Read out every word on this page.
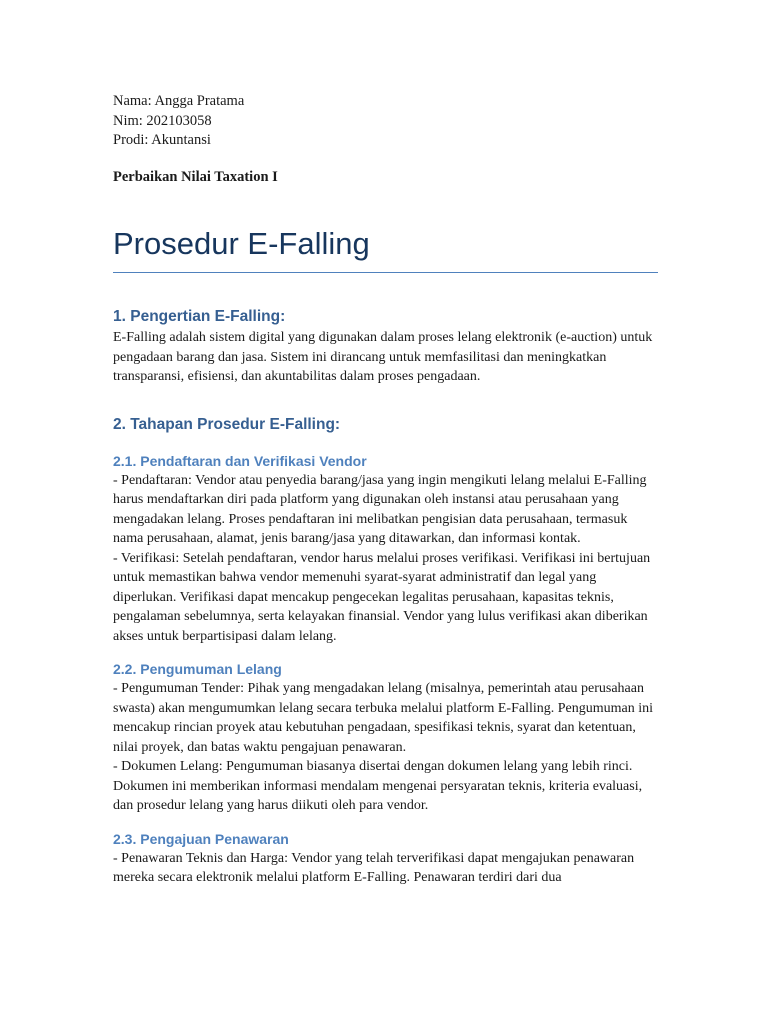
Nama: Angga Pratama

Nim: 202103058

Prodi: Akuntansi

Perbaikan Nilai Taxation I

Prosedur E-Falling
1. Pengertian E-Falling:

E-Falling adalah sistem digital yang digunakan dalam proses lelang elektronik (e-auction) untuk pengadaan barang dan jasa. Sistem ini dirancang untuk memfasilitasi dan meningkatkan transparansi, efisiensi, dan akuntabilitas dalam proses pengadaan.

2. Tahapan Prosedur E-Falling:
2.1. Pendaftaran dan Verifikasi Vendor

- Pendaftaran: Vendor atau penyedia barang/jasa yang ingin mengikuti lelang melalui E-Falling harus mendaftarkan diri pada platform yang digunakan oleh instansi atau perusahaan yang mengadakan lelang. Proses pendaftaran ini melibatkan pengisian data perusahaan, termasuk nama perusahaan, alamat, jenis barang/jasa yang ditawarkan, dan informasi kontak.

- Verifikasi: Setelah pendaftaran, vendor harus melalui proses verifikasi. Verifikasi ini bertujuan untuk memastikan bahwa vendor memenuhi syarat-syarat administratif dan legal yang diperlukan. Verifikasi dapat mencakup pengecekan legalitas perusahaan, kapasitas teknis, pengalaman sebelumnya, serta kelayakan finansial. Vendor yang lulus verifikasi akan diberikan akses untuk berpartisipasi dalam lelang.

2.2. Pengumuman Lelang

- Pengumuman Tender: Pihak yang mengadakan lelang (misalnya, pemerintah atau perusahaan swasta) akan mengumumkan lelang secara terbuka melalui platform E-Falling. Pengumuman ini mencakup rincian proyek atau kebutuhan pengadaan, spesifikasi teknis, syarat dan ketentuan, nilai proyek, dan batas waktu pengajuan penawaran.

- Dokumen Lelang: Pengumuman biasanya disertai dengan dokumen lelang yang lebih rinci. Dokumen ini memberikan informasi mendalam mengenai persyaratan teknis, kriteria evaluasi, dan prosedur lelang yang harus diikuti oleh para vendor.

2.3. Pengajuan Penawaran

- Penawaran Teknis dan Harga: Vendor yang telah terverifikasi dapat mengajukan penawaran mereka secara elektronik melalui platform E-Falling. Penawaran terdiri dari dua
